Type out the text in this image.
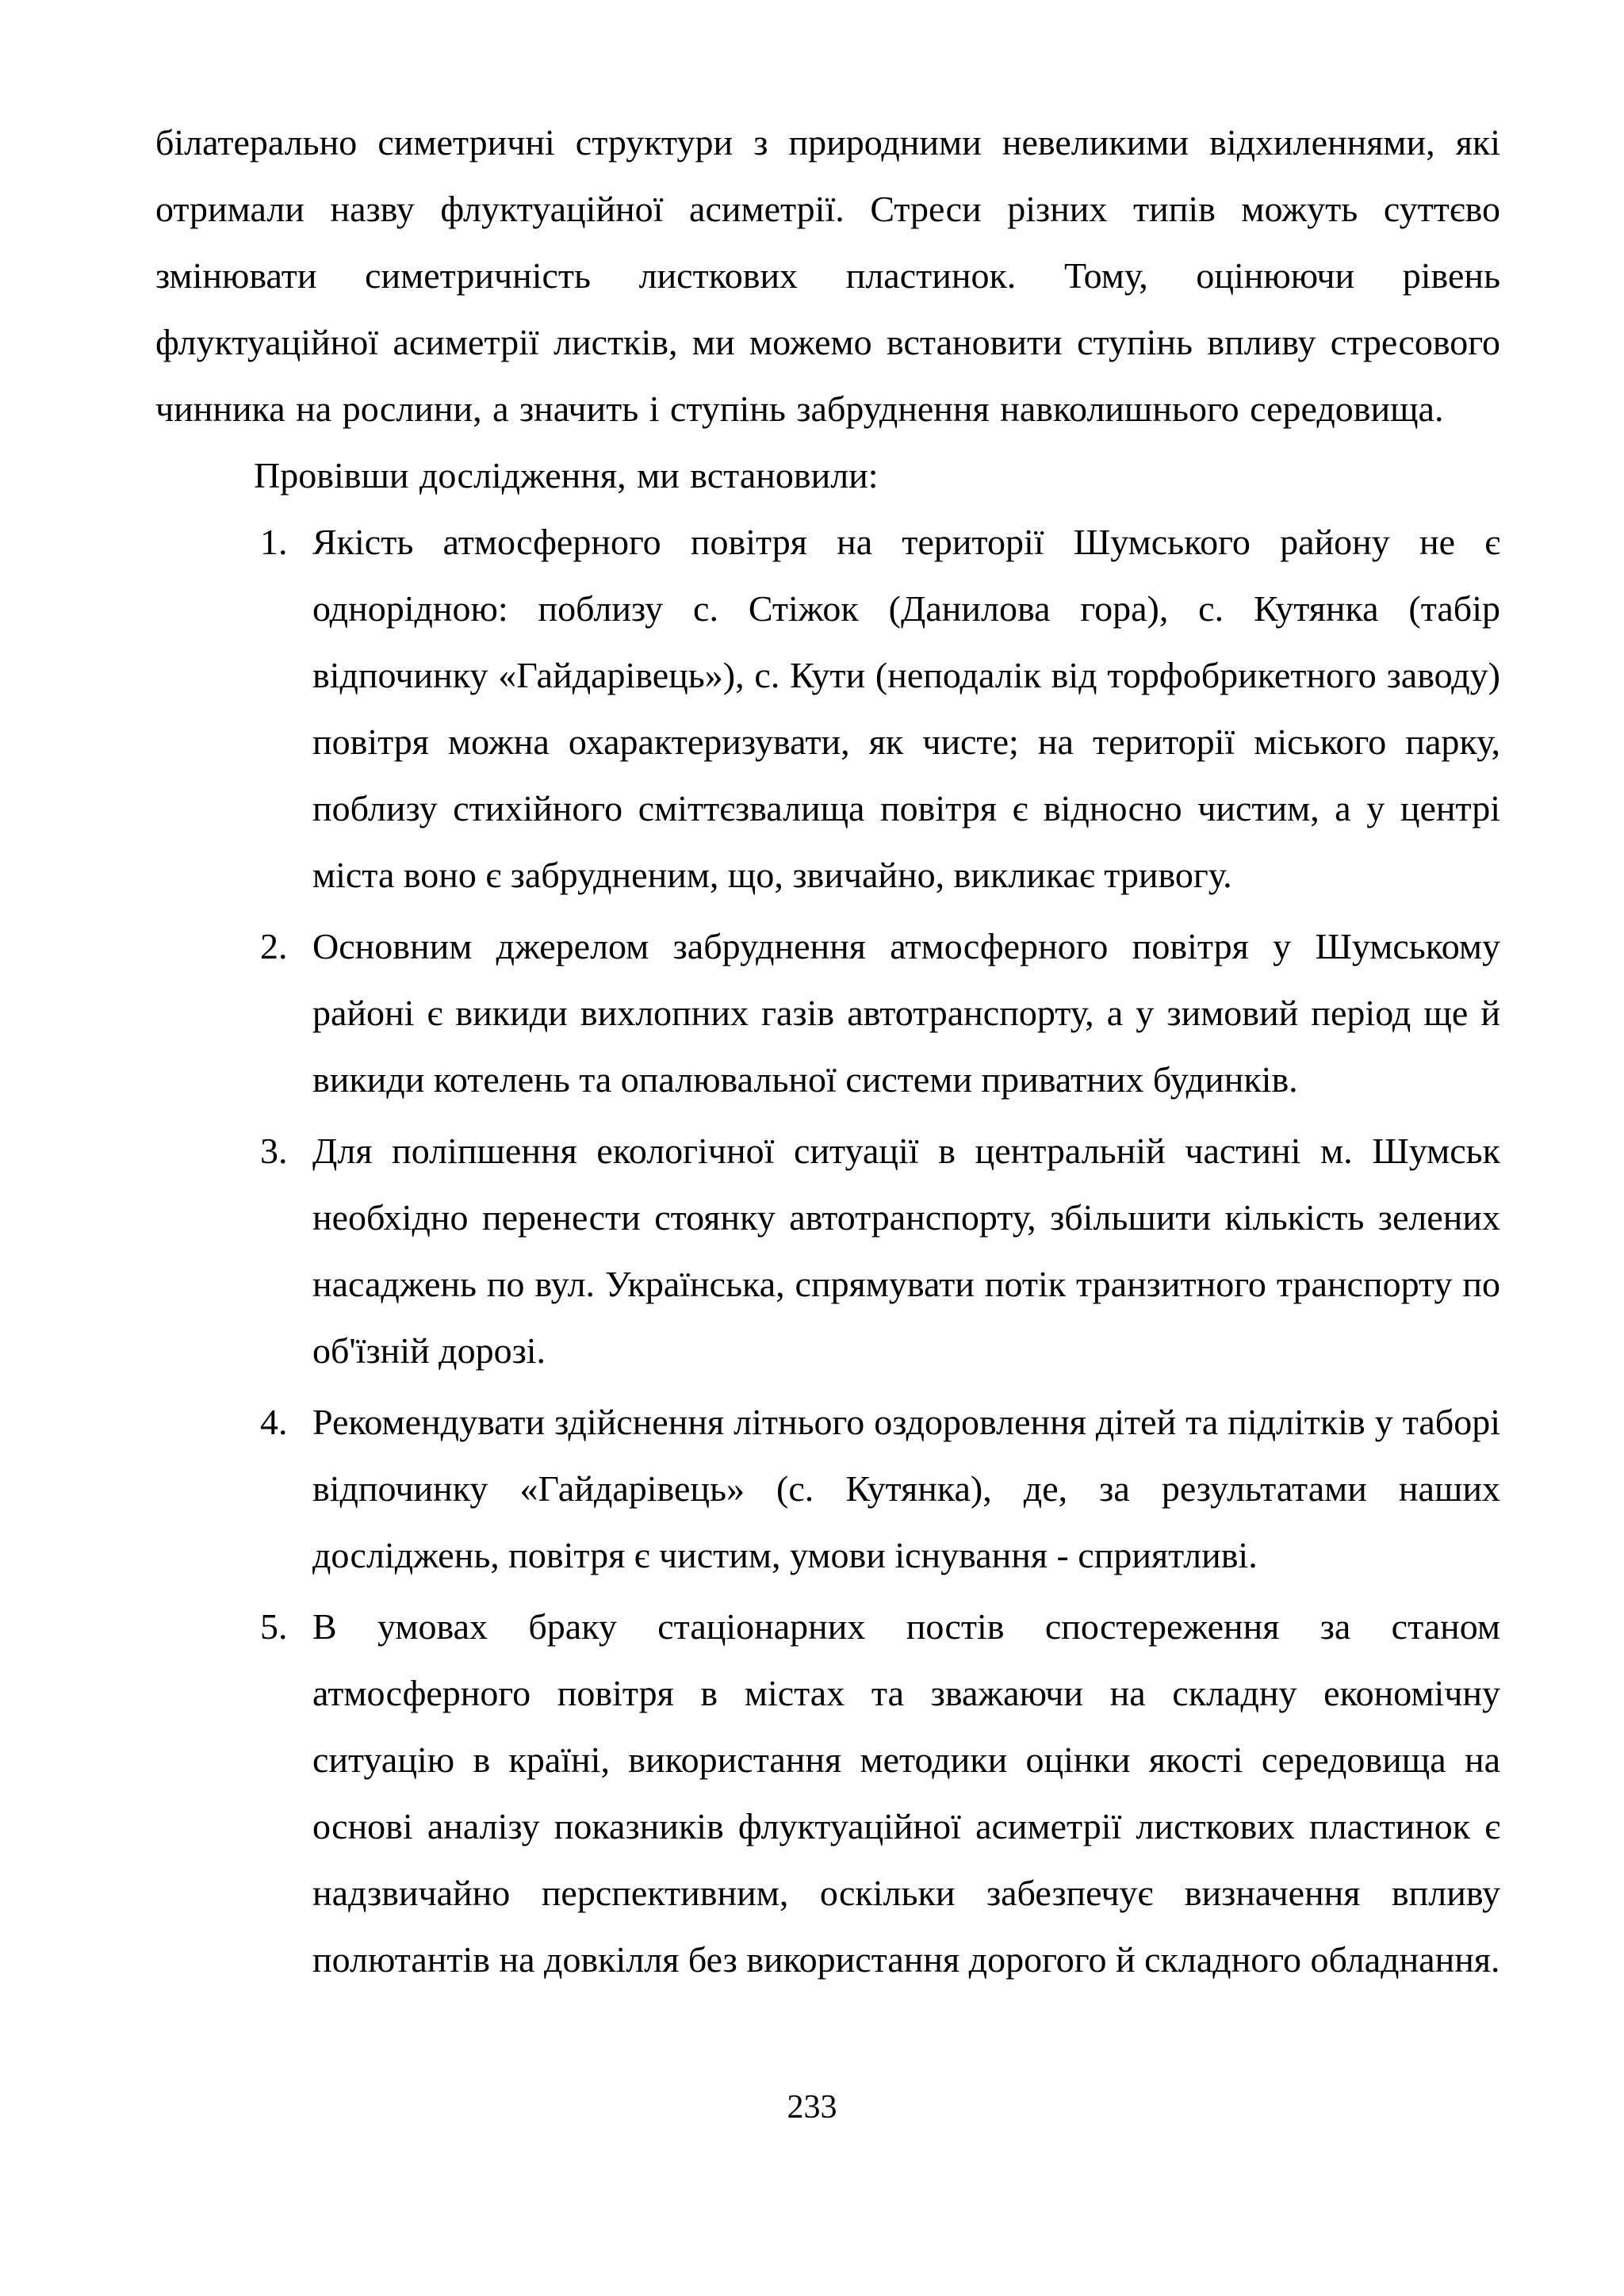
білатерально симетричні структури з природними невеликими відхиленнями, які отримали назву флуктуаційної асиметрії. Стреси різних типів можуть суттєво змінювати симетричність листкових пластинок. Тому, оцінюючи рівень флуктуаційної асиметрії листків, ми можемо встановити ступінь впливу стресового чинника на рослини, а значить і ступінь забруднення навколишнього середовища.

Провівши дослідження, ми встановили:

1. Якість атмосферного повітря на території Шумського району не є однорідною: поблизу с. Стіжок (Данилова гора), с. Кутянка (табір відпочинку «Гайдарівець»), с. Кути (неподалік від торфобрикетного заводу) повітря можна охарактеризувати, як чисте; на території міського парку, поблизу стихійного сміттєзвалища повітря є відносно чистим, а у центрі міста воно є забрудненим, що, звичайно, викликає тривогу.
2. Основним джерелом забруднення атмосферного повітря у Шумському районі є викиди вихлопних газів автотранспорту, а у зимовий період ще й викиди котелень та опалювальної системи приватних будинків.
3. Для поліпшення екологічної ситуації в центральній частині м. Шумськ необхідно перенести стоянку автотранспорту, збільшити кількість зелених насаджень по вул. Українська, спрямувати потік транзитного транспорту по об'їзній дорозі.
4. Рекомендувати здійснення літнього оздоровлення дітей та підлітків у таборі відпочинку «Гайдарівець» (с. Кутянка), де, за результатами наших досліджень, повітря є чистим, умови існування - сприятливі.
5. В умовах браку стаціонарних постів спостереження за станом атмосферного повітря в містах та зважаючи на складну економічну ситуацію в країні, використання методики оцінки якості середовища на основі аналізу показників флуктуаційної асиметрії листкових пластинок є надзвичайно перспективним, оскільки забезпечує визначення впливу полютантів на довкілля без використання дорогого й складного обладнання.
233
